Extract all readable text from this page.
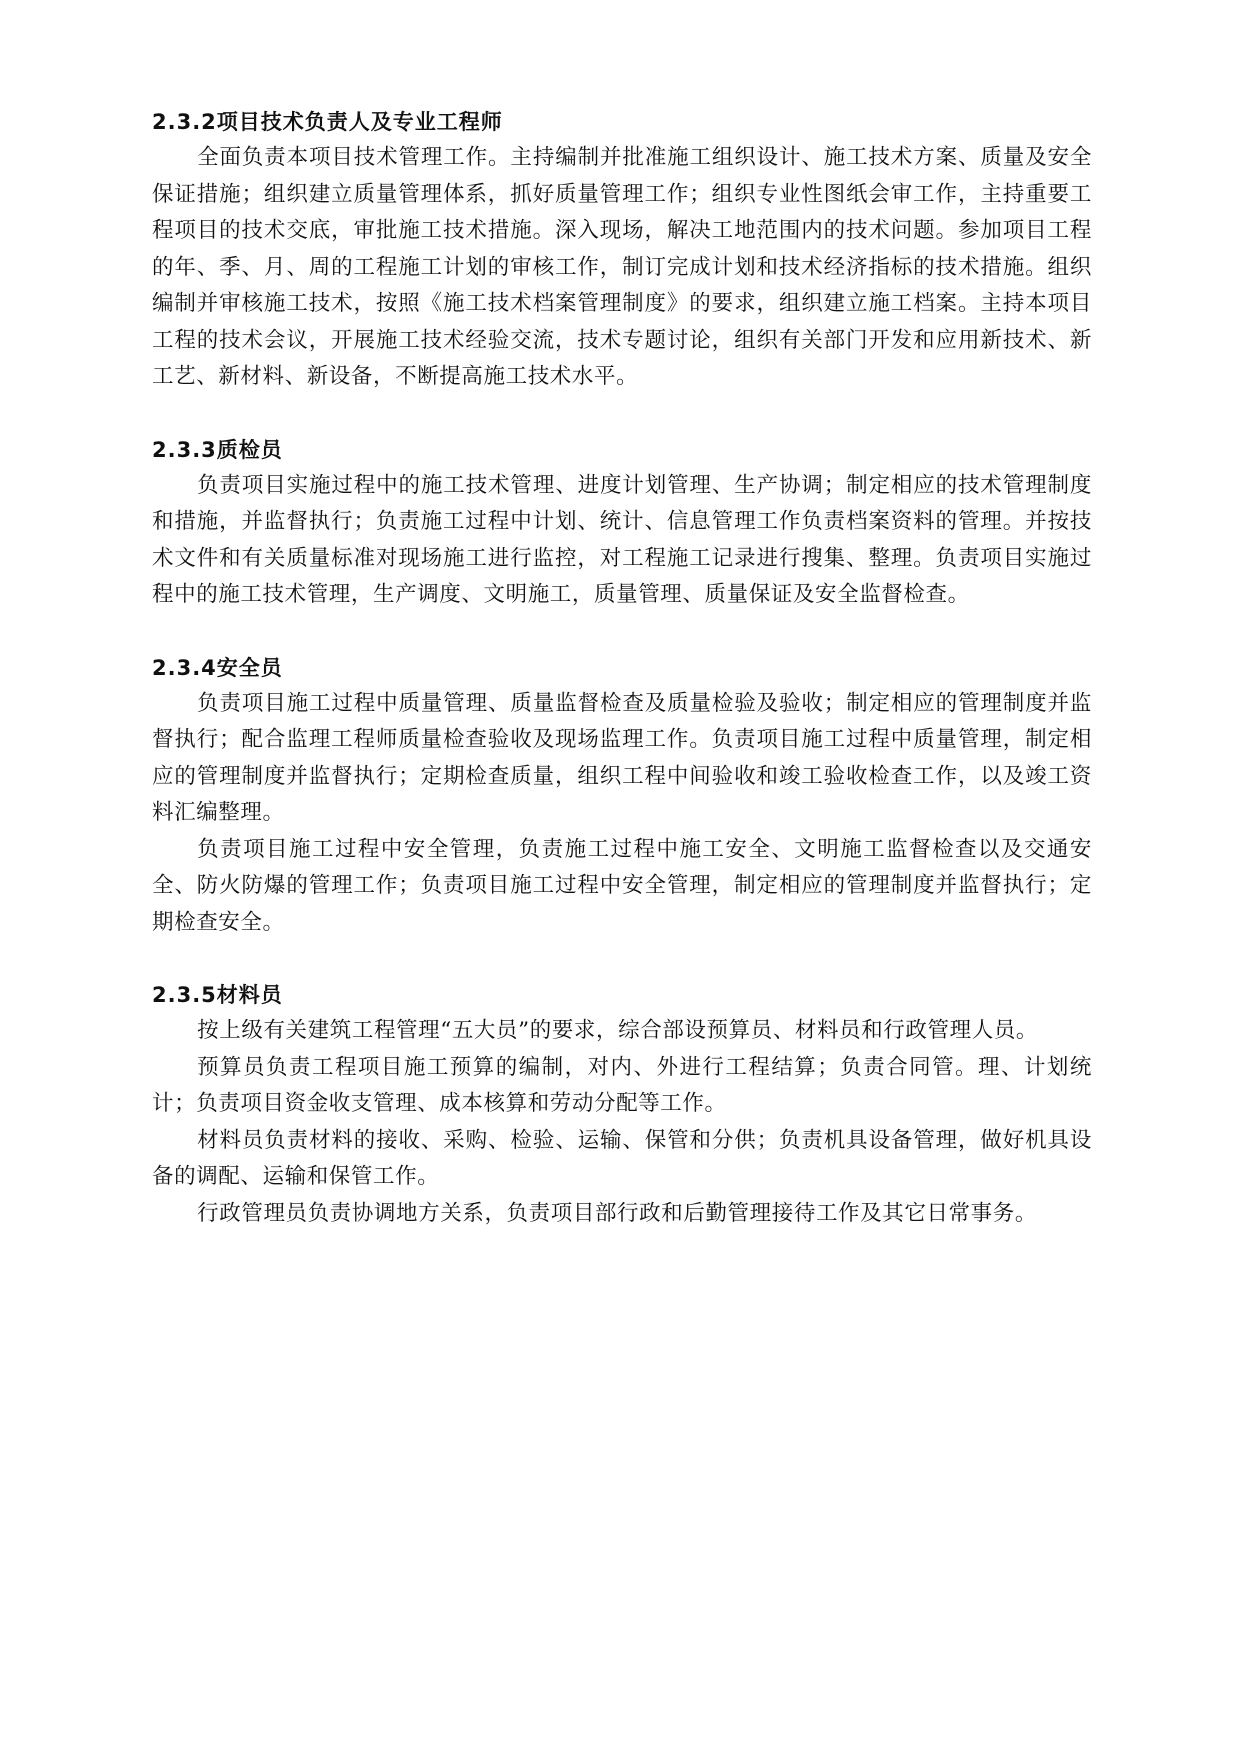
2.3.2项目技术负责人及专业工程师

全面负责本项目技术管理工作。主持编制并批准施工组织设计、施工技术方案、质量及安全保证措施；组织建立质量管理体系，抓好质量管理工作；组织专业性图纸会审工作，主持重要工程项目的技术交底，审批施工技术措施。深入现场，解决工地范围内的技术问题。参加项目工程的年、季、月、周的工程施工计划的审核工作，制订完成计划和技术经济指标的技术措施。组织编制并审核施工技术，按照《施工技术档案管理制度》的要求，组织建立施工档案。主持本项目工程的技术会议，开展施工技术经验交流，技术专题讨论，组织有关部门开发和应用新技术、新工艺、新材料、新设备，不断提高施工技术水平。

2.3.3质检员

负责项目实施过程中的施工技术管理、进度计划管理、生产协调；制定相应的技术管理制度和措施，并监督执行；负责施工过程中计划、统计、信息管理工作负责档案资料的管理。并按技术文件和有关质量标准对现场施工进行监控，对工程施工记录进行搜集、整理。负责项目实施过程中的施工技术管理，生产调度、文明施工，质量管理、质量保证及安全监督检查。

2.3.4安全员

负责项目施工过程中质量管理、质量监督检查及质量检验及验收；制定相应的管理制度并监督执行；配合监理工程师质量检查验收及现场监理工作。负责项目施工过程中质量管理，制定相应的管理制度并监督执行；定期检查质量，组织工程中间验收和竣工验收检查工作，以及竣工资料汇编整理。

负责项目施工过程中安全管理，负责施工过程中施工安全、文明施工监督检查以及交通安全、防火防爆的管理工作；负责项目施工过程中安全管理，制定相应的管理制度并监督执行；定期检查安全。

2.3.5材料员

按上级有关建筑工程管理“五大员”的要求，综合部设预算员、材料员和行政管理人员。

预算员负责工程项目施工预算的编制，对内、外进行工程结算；负责合同管。理、计划统计；负责项目资金收支管理、成本核算和劳动分配等工作。

材料员负责材料的接收、采购、检验、运输、保管和分供；负责机具设备管理，做好机具设备的调配、运输和保管工作。

行政管理员负责协调地方关系，负责项目部行政和后勤管理接待工作及其它日常事务。
